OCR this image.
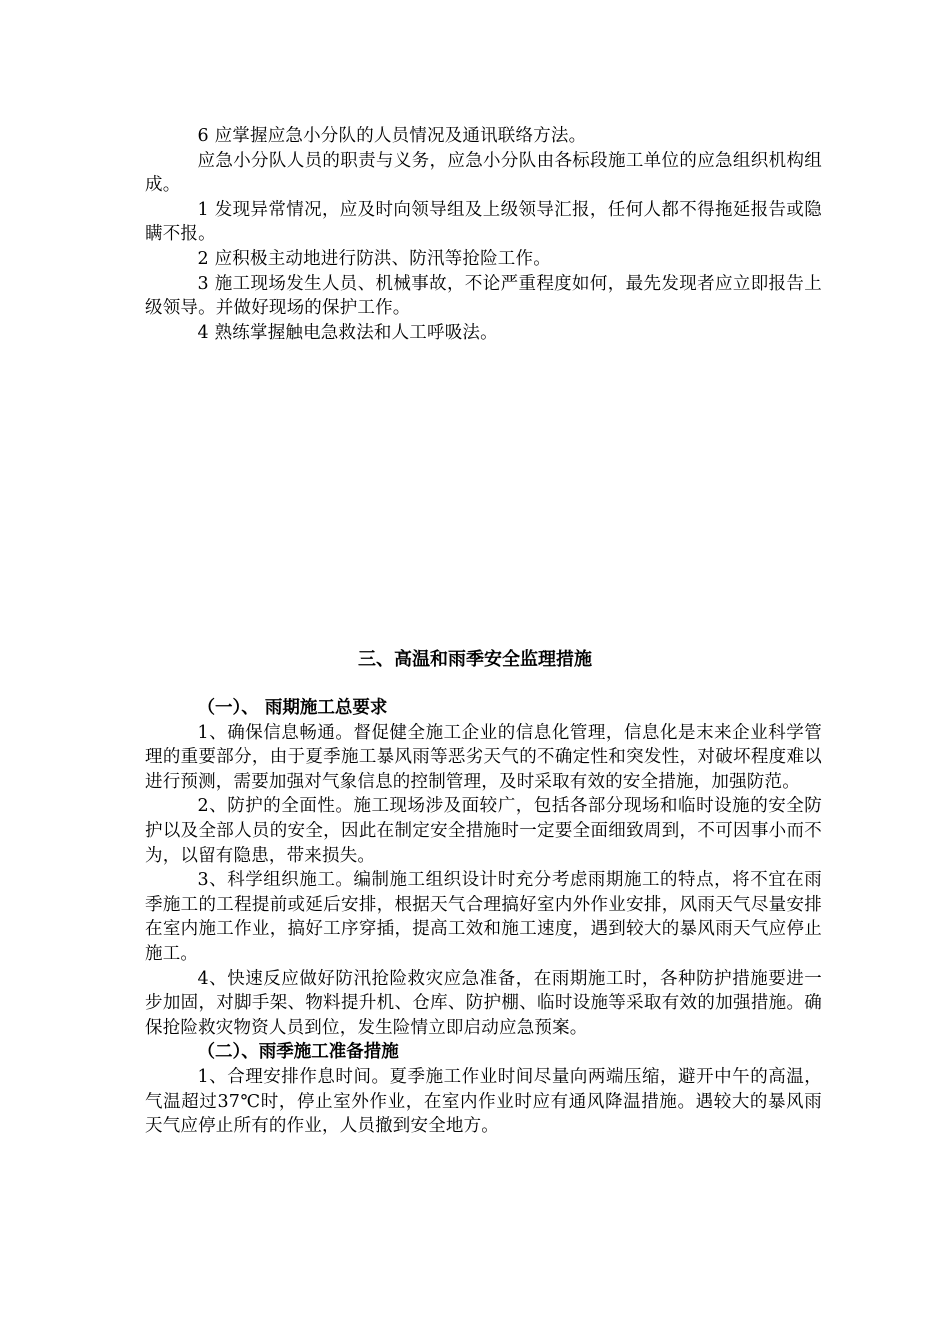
6 应掌握应急小分队的人员情况及通讯联络方法。

应急小分队人员的职责与义务，应急小分队由各标段施工单位的应急组织机构组成。

1 发现异常情况，应及时向领导组及上级领导汇报，任何人都不得拖延报告或隐瞒不报。

2 应积极主动地进行防洪、防汛等抢险工作。

3 施工现场发生人员、机械事故，不论严重程度如何，最先发现者应立即报告上级领导。并做好现场的保护工作。

4 熟练掌握触电急救法和人工呼吸法。

三、高温和雨季安全监理措施

（一）、 雨期施工总要求

1、确保信息畅通。督促健全施工企业的信息化管理，信息化是末来企业科学管理的重要部分，由于夏季施工暴风雨等恶劣天气的不确定性和突发性，对破坏程度难以进行预测，需要加强对气象信息的控制管理，及时采取有效的安全措施，加强防范。

2、防护的全面性。施工现场涉及面较广，包括各部分现场和临时设施的安全防护以及全部人员的安全，因此在制定安全措施时一定要全面细致周到，不可因事小而不为，以留有隐患，带来损失。

3、科学组织施工。编制施工组织设计时充分考虑雨期施工的特点，将不宜在雨季施工的工程提前或延后安排，根据天气合理搞好室内外作业安排，风雨天气尽量安排在室内施工作业，搞好工序穿插，提高工效和施工速度，遇到较大的暴风雨天气应停止施工。

4、快速反应做好防汛抢险救灾应急准备，在雨期施工时，各种防护措施要进一步加固，对脚手架、物料提升机、仓库、防护棚、临时设施等采取有效的加强措施。确保抢险救灾物资人员到位，发生险情立即启动应急预案。

（二）、雨季施工准备措施

1、合理安排作息时间。夏季施工作业时间尽量向两端压缩，避开中午的高温，气温超过37℃时，停止室外作业，在室内作业时应有通风降温措施。遇较大的暴风雨天气应停止所有的作业，人员撤到安全地方。
